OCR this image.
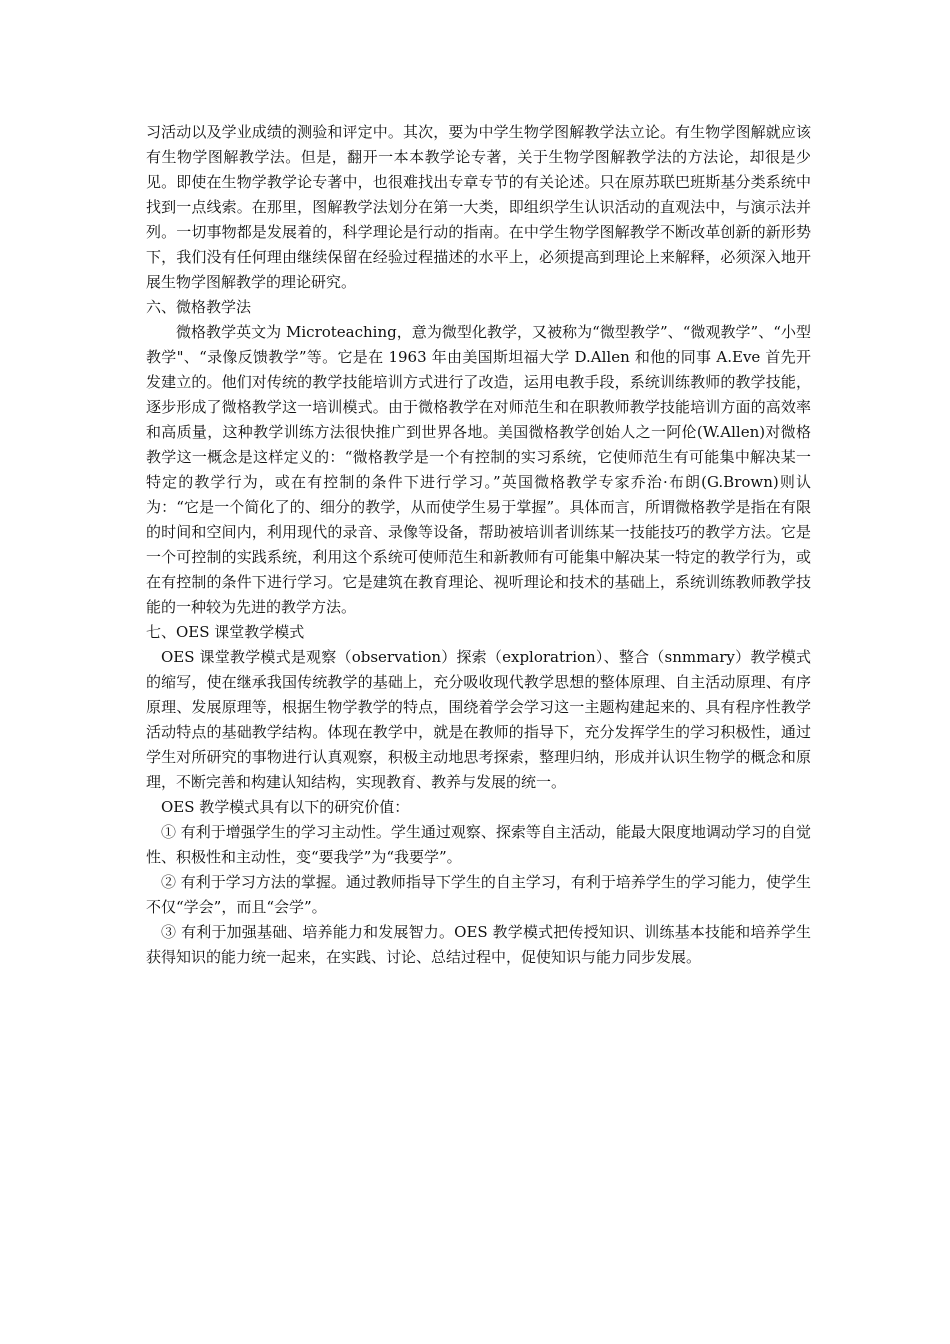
习活动以及学业成绩的测验和评定中。其次，要为中学生物学图解教学法立论。有生物学图解就应该有生物学图解教学法。但是，翻开一本本教学论专著，关于生物学图解教学法的方法论，却很是少见。即使在生物学教学论专著中，也很难找出专章专节的有关论述。只在原苏联巴班斯基分类系统中找到一点线索。在那里，图解教学法划分在第一大类，即组织学生认识活动的直观法中，与演示法并列。一切事物都是发展着的，科学理论是行动的指南。在中学生物学图解教学不断改革创新的新形势下，我们没有任何理由继续保留在经验过程描述的水平上，必须提高到理论上来解释，必须深入地开展生物学图解教学的理论研究。

六、微格教学法

微格教学英文为 Microteaching，意为微型化教学，又被称为“微型教学”、“微观教学”、“小型教学"、“录像反馈教学”等。它是在 1963 年由美国斯坦福大学 D.Allen 和他的同事 A.Eve 首先开发建立的。他们对传统的教学技能培训方式进行了改造，运用电教手段，系统训练教师的教学技能，逐步形成了微格教学这一培训模式。由于微格教学在对师范生和在职教师教学技能培训方面的高效率和高质量，这种教学训练方法很快推广到世界各地。美国微格教学创始人之一阿伦(W.Allen)对微格教学这一概念是这样定义的：“微格教学是一个有控制的实习系统，它使师范生有可能集中解决某一特定的教学行为，或在有控制的条件下进行学习。”英国微格教学专家乔治·布朗(G.Brown)则认为：“它是一个简化了的、细分的教学，从而使学生易于掌握”。具体而言，所谓微格教学是指在有限的时间和空间内，利用现代的录音、录像等设备，帮助被培训者训练某一技能技巧的教学方法。它是一个可控制的实践系统，利用这个系统可使师范生和新教师有可能集中解决某一特定的教学行为，或在有控制的条件下进行学习。它是建筑在教育理论、视听理论和技术的基础上，系统训练教师教学技能的一种较为先进的教学方法。

七、OES 课堂教学模式

OES 课堂教学模式是观察（observation）探索（exploratrion）、整合（snmmary）教学模式的缩写，使在继承我国传统教学的基础上，充分吸收现代教学思想的整体原理、自主活动原理、有序原理、发展原理等，根据生物学教学的特点，围绕着学会学习这一主题构建起来的、具有程序性教学活动特点的基础教学结构。体现在教学中，就是在教师的指导下，充分发挥学生的学习积极性，通过学生对所研究的事物进行认真观察，积极主动地思考探索，整理归纳，形成并认识生物学的概念和原理，不断完善和构建认知结构，实现教育、教养与发展的统一。

OES 教学模式具有以下的研究价值：

① 有利于增强学生的学习主动性。学生通过观察、探索等自主活动，能最大限度地调动学习的自觉性、积极性和主动性，变“要我学”为“我要学”。

② 有利于学习方法的掌握。通过教师指导下学生的自主学习，有利于培养学生的学习能力，使学生不仅“学会”，而且“会学”。

③ 有利于加强基础、培养能力和发展智力。OES 教学模式把传授知识、训练基本技能和培养学生获得知识的能力统一起来，在实践、讨论、总结过程中，促使知识与能力同步发展。
